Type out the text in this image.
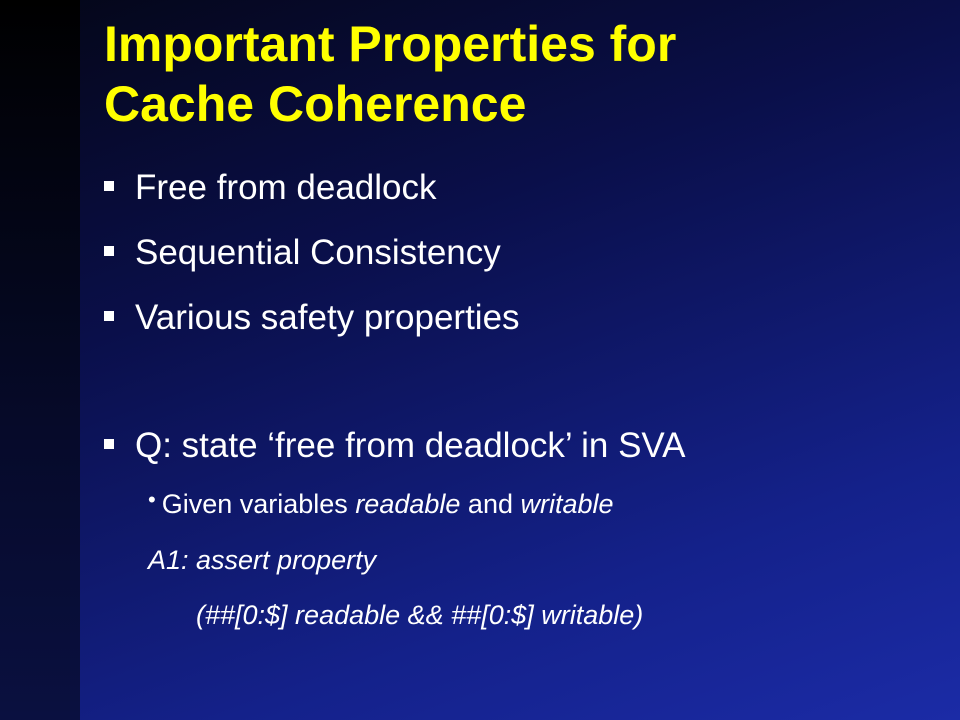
Important Properties for
Cache Coherence
Free from deadlock
Sequential Consistency
Various safety properties
Q: state ‘free from deadlock’ in SVA
• Given variables readable and writable
A1: assert property
(##[0:$] readable && ##[0:$] writable)
